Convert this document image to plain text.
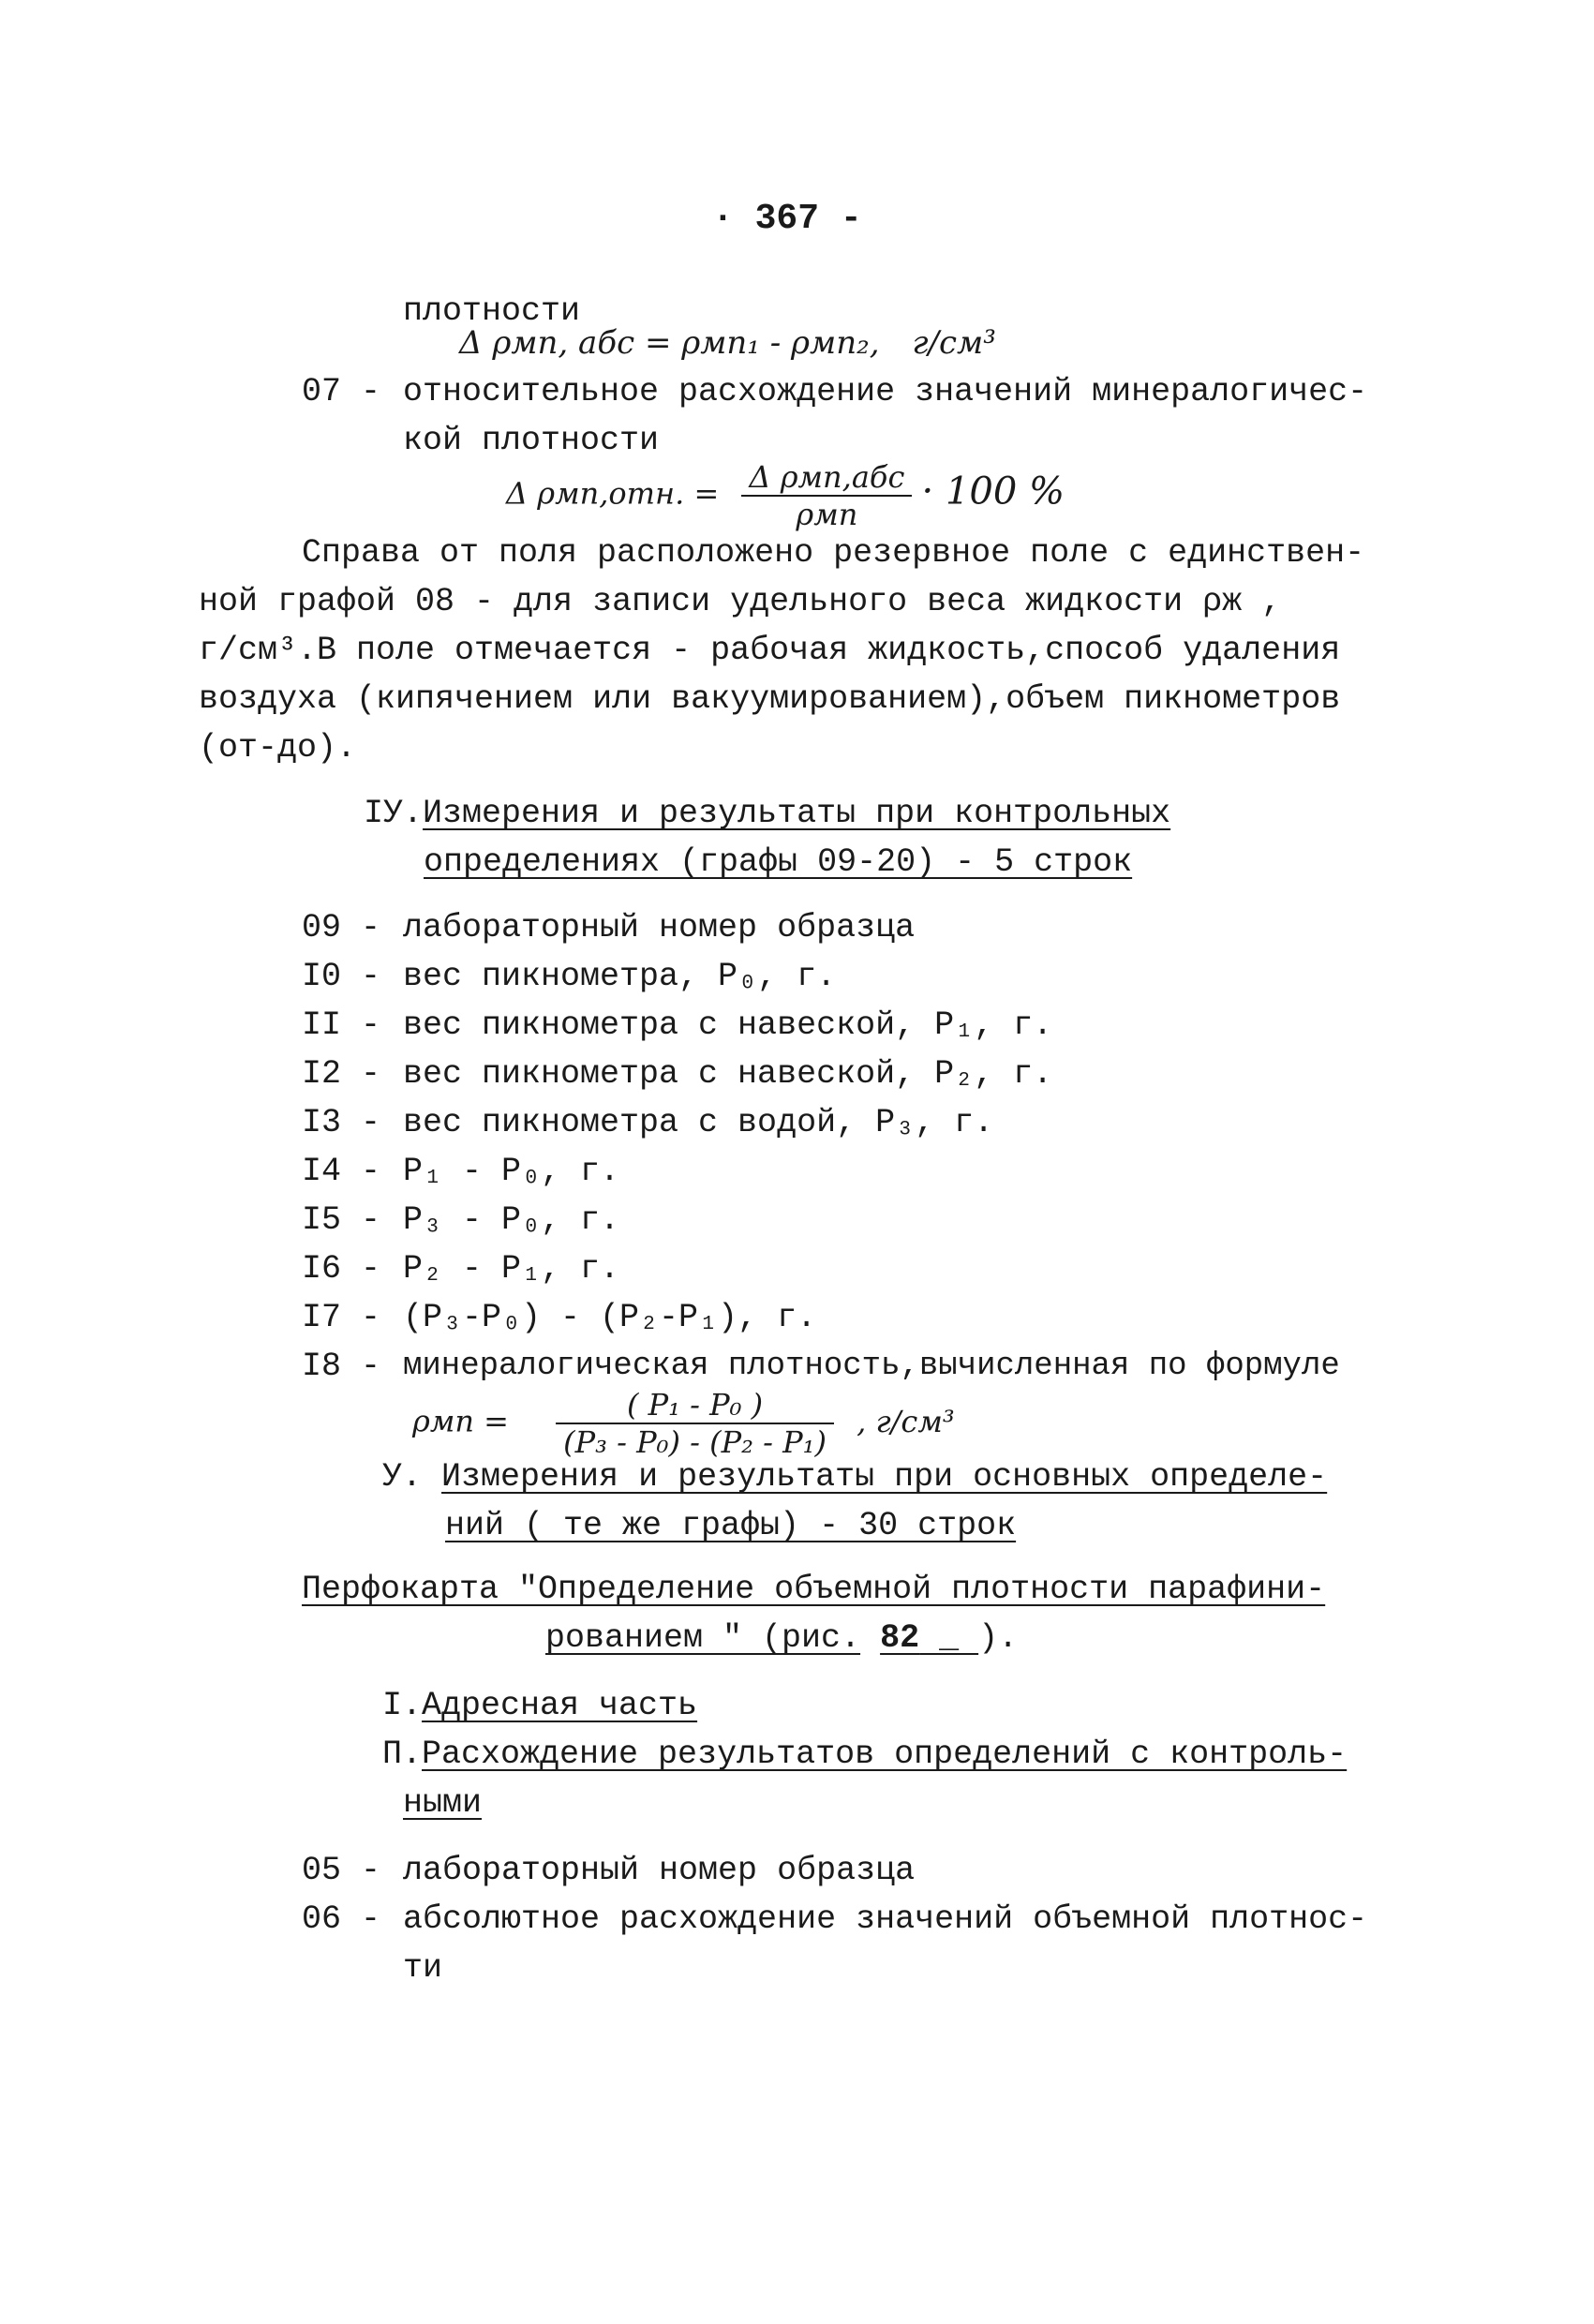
· 367 -
плотности
Δ ρмп, абс = ρмп₁ - ρмп₂, г/см³
07 - относительное расхождение значений минералогичес-
кой плотности
Δ ρмп,отн. = Δ ρмп,абс
ρмп
· 100 %
Справа от поля расположено резервное поле с единствен-
ной графой 08 - для записи удельного веса жидкости ρж ,
г/см³.В поле отмечается - рабочая жидкость,способ удаления
воздуха (кипячением или вакуумированием),объем пикнометров
(от-до).
IУ.Измерения и результаты при контрольных
определениях (графы 09-20) - 5 строк
09 - лабораторный номер образца
I0 - вес пикнометра, P₀, г.
II - вес пикнометра с навеской, P₁, г.
I2 - вес пикнометра с навеской, P₂, г.
I3 - вес пикнометра с водой, P₃, г.
I4 - P₁ - P₀, г.
I5 - P₃ - P₀, г.
I6 - P₂ - P₁, г.
I7 - (P₃-P₀) - (P₂-P₁), г.
I8 - минералогическая плотность,вычисленная по формуле
$\rho мп = \frac{\text{( P₁ - P₀ )}}{\text{(P₃ - P₀) - (P₂ - P₁)}}$ , г/см³
У. Измерения и результаты при основных определе-
ний ( те же графы) - 30 строк
Перфокарта "Определение объемной плотности парафини-
рованием " (рис. 82 _ ).
I.Адресная часть
П.Расхождение результатов определений с контроль-
ными
05 - лабораторный номер образца
06 - абсолютное расхождение значений объемной плотнос-
ти
